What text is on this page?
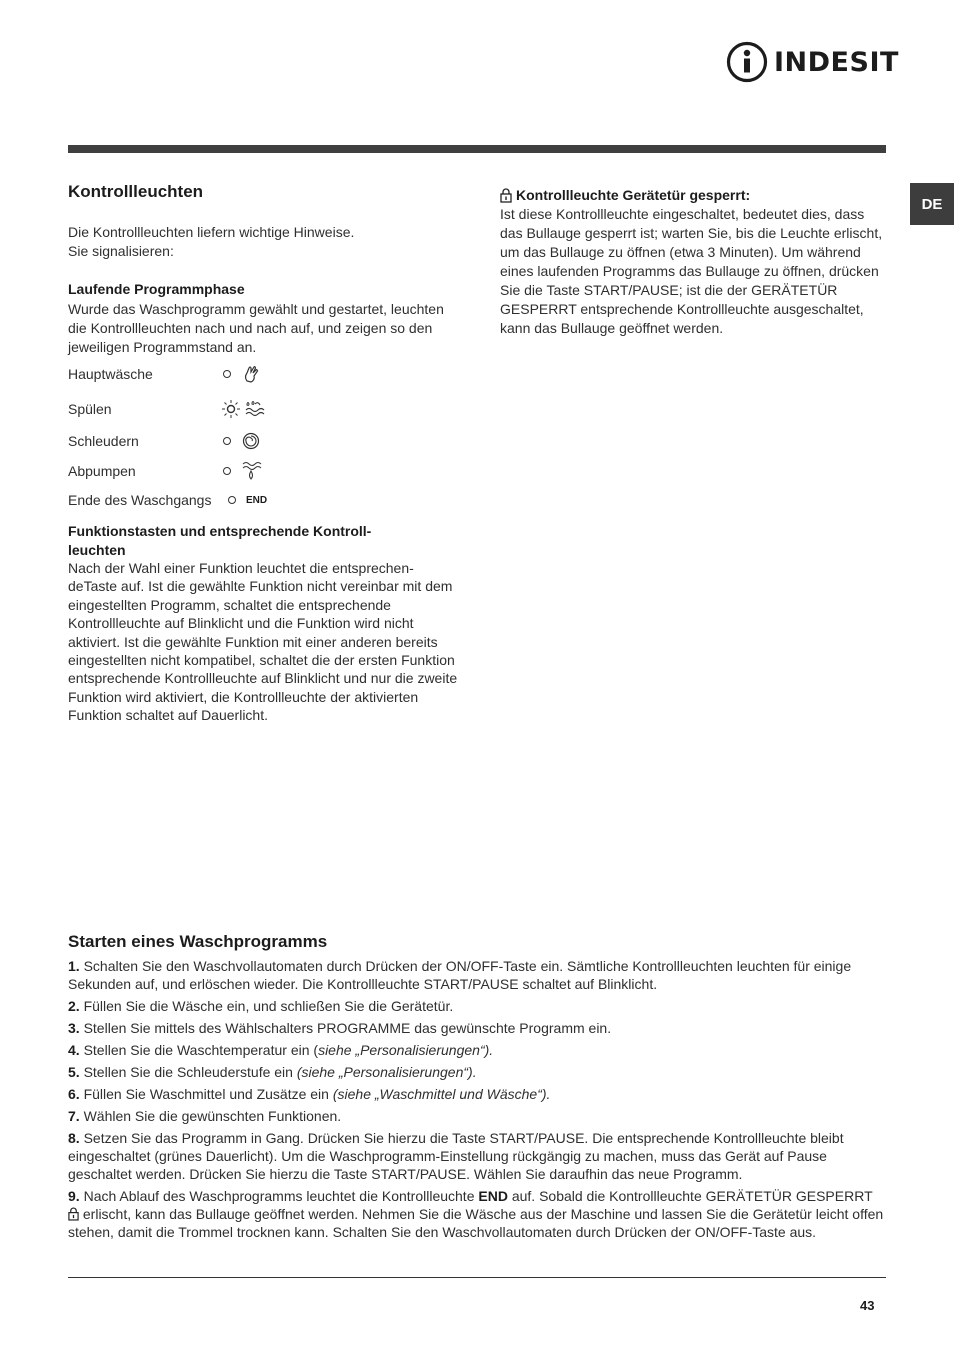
INDESIT
DE
Kontrollleuchten

Die Kontrollleuchten liefern wichtige Hinweise.
Sie signalisieren:

Laufende Programmphase

Wurde das Waschprogramm gewählt und gestartet, leuchten die Kontrollleuchten nach und nach auf, und zeigen so den jeweiligen Programmstand an.

Hauptwäsche
Spülen
Schleudern
Abpumpen
Ende des Waschgangs	END

Funktionstasten und entsprechende Kontroll-
leuchten

Nach der Wahl einer Funktion leuchtet die entsprechen-deTaste auf. Ist die gewählte Funktion nicht vereinbar mit dem eingestellten Programm, schaltet die entsprechende Kontrollleuchte auf Blinklicht und die Funktion wird nicht aktiviert. Ist die gewählte Funktion mit einer anderen bereits eingestellten nicht kompatibel, schaltet die der ersten Funktion entsprechende Kontrollleuchte auf Blinklicht und nur die zweite Funktion wird aktiviert, die Kontrollleuchte der aktivierten Funktion schaltet auf Dauerlicht.

Kontrollleuchte Gerätetür gesperrt:

Ist diese Kontrollleuchte eingeschaltet, bedeutet dies, dass das Bullauge gesperrt ist; warten Sie, bis die Leuchte erlischt, um das Bullauge zu öffnen (etwa 3 Minuten). Um während eines laufenden Programms das Bullauge zu öffnen, drücken Sie die Taste START/PAUSE; ist die der GERÄTETÜR GESPERRT entsprechende Kontrollleuchte ausgeschaltet, kann das Bullauge geöffnet werden.

Starten eines Waschprogramms

1. Schalten Sie den Waschvollautomaten durch Drücken der ON/OFF-Taste ein. Sämtliche Kontrollleuchten leuchten für einige Sekunden auf, und erlöschen wieder. Die Kontrollleuchte START/PAUSE schaltet auf Blinklicht.

2. Füllen Sie die Wäsche ein, und schließen Sie die Gerätetür.

3. Stellen Sie mittels des Wählschalters PROGRAMME das gewünschte Programm ein.

4. Stellen Sie die Waschtemperatur ein (siehe „Personalisierungen“).

5. Stellen Sie die Schleuderstufe ein (siehe „Personalisierungen“).

6. Füllen Sie Waschmittel und Zusätze ein (siehe „Waschmittel und Wäsche“).

7. Wählen Sie die gewünschten Funktionen.

8. Setzen Sie das Programm in Gang. Drücken Sie hierzu die Taste START/PAUSE. Die entsprechende Kontrollleuchte bleibt eingeschaltet (grünes Dauerlicht). Um die Waschprogramm-Einstellung rückgängig zu machen, muss das Gerät auf Pause geschaltet werden. Drücken Sie hierzu die Taste START/PAUSE. Wählen Sie daraufhin das neue Programm.

9. Nach Ablauf des Waschprogramms leuchtet die Kontrollleuchte END auf. Sobald die Kontrollleuchte GERÄTETÜR GESPERRT  erlischt, kann das Bullauge geöffnet werden. Nehmen Sie die Wäsche aus der Maschine und lassen Sie die Gerätetür leicht offen stehen, damit die Trommel trocknen kann. Schalten Sie den Waschvollautomaten durch Drücken der ON/OFF-Taste aus.

43
